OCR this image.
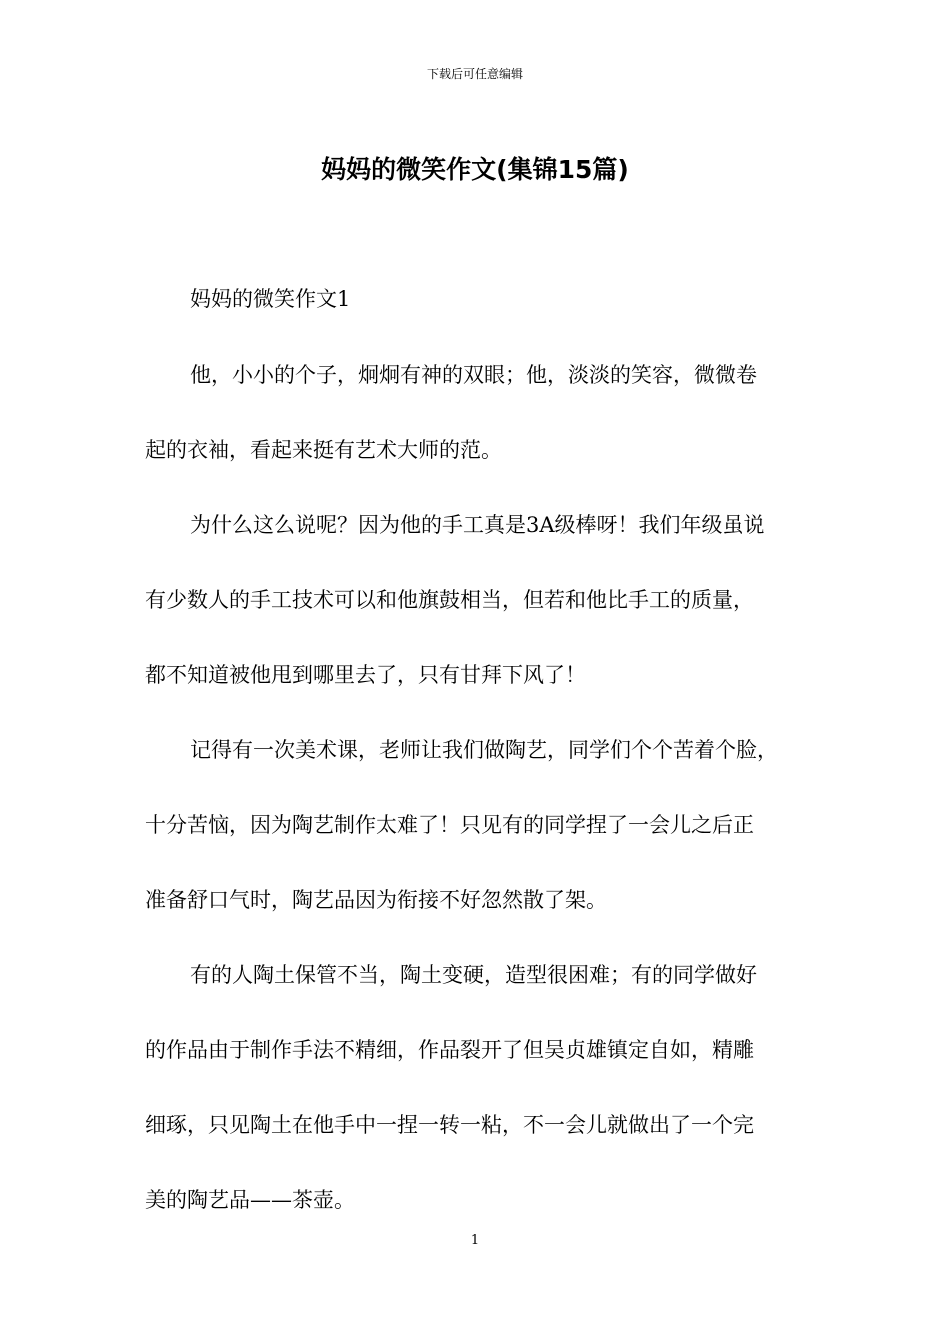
下载后可任意编辑
妈妈的微笑作文(集锦15篇)
妈妈的微笑作文1
他，小小的个子，炯炯有神的双眼；他，淡淡的笑容，微微卷
起的衣袖，看起来挺有艺术大师的范。
为什么这么说呢？因为他的手工真是3A级棒呀！我们年级虽说
有少数人的手工技术可以和他旗鼓相当，但若和他比手工的质量，
都不知道被他甩到哪里去了，只有甘拜下风了！
记得有一次美术课，老师让我们做陶艺，同学们个个苦着个脸，
十分苦恼，因为陶艺制作太难了！只见有的同学捏了一会儿之后正
准备舒口气时，陶艺品因为衔接不好忽然散了架。
有的人陶土保管不当，陶土变硬，造型很困难；有的同学做好
的作品由于制作手法不精细，作品裂开了但吴贞雄镇定自如，精雕
细琢，只见陶土在他手中一捏一转一粘，不一会儿就做出了一个完
美的陶艺品——茶壶。
1
